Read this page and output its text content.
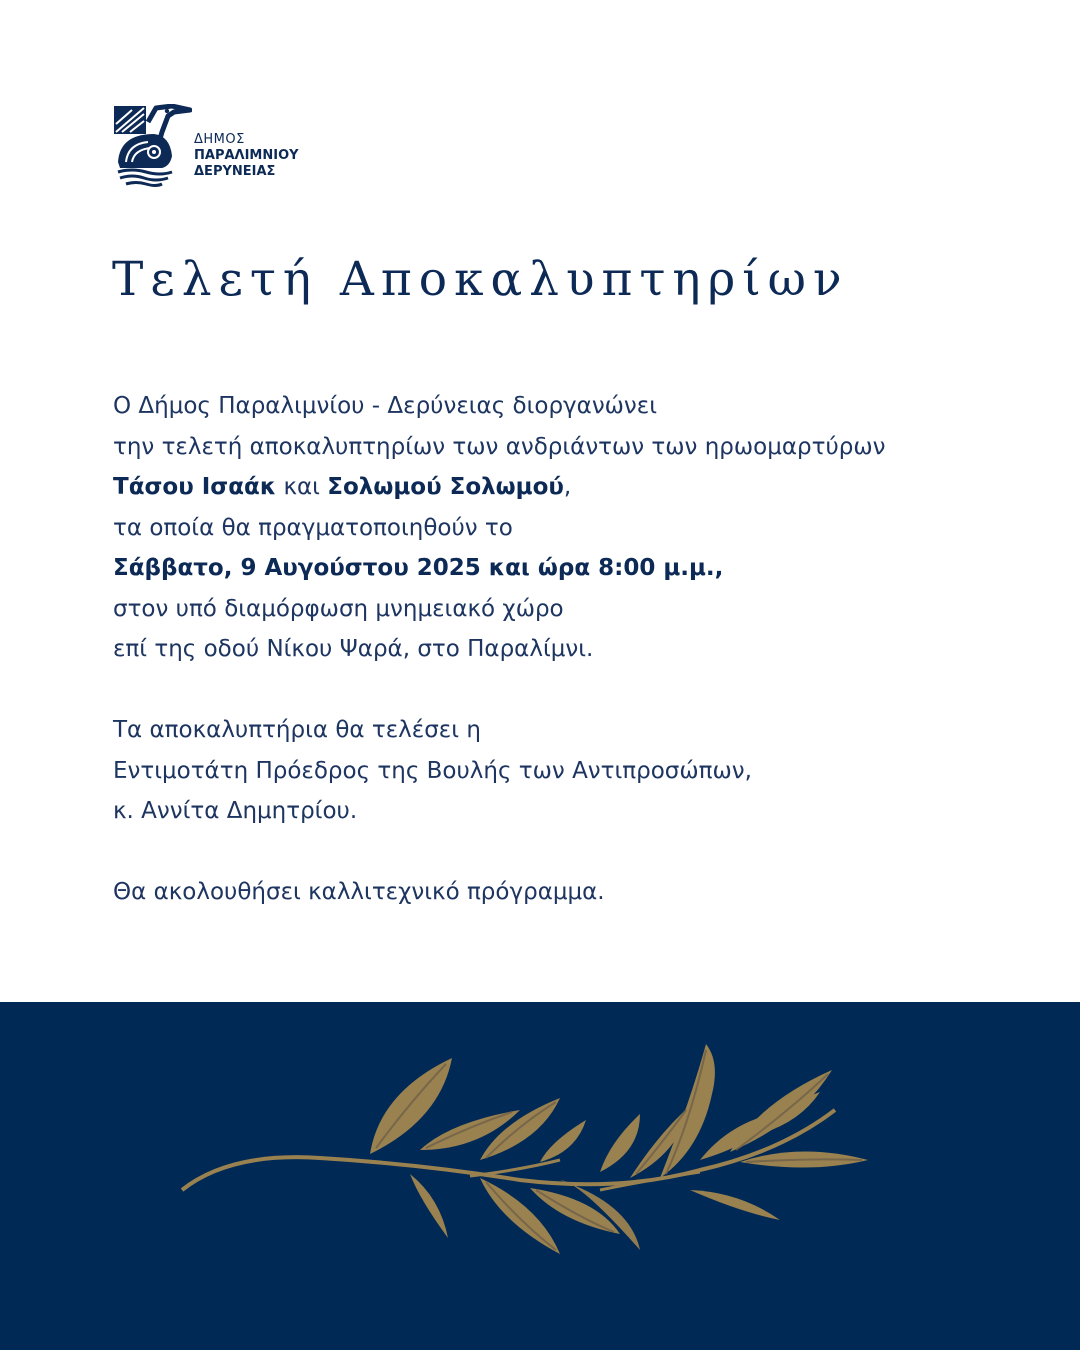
ΔΗΜΟΣ
ΠΑΡΑΛΙΜΝΙΟΥ
ΔΕΡΥΝΕΙΑΣ
Τελετή Αποκαλυπτηρίων

Ο Δήμος Παραλιμνίου - Δερύνειας διοργανώνει

την τελετή αποκαλυπτηρίων των ανδριάντων των ηρωομαρτύρων

Τάσου Ισαάκ και Σολωμού Σολωμού,

τα οποία θα πραγματοποιηθούν το

Σάββατο, 9 Αυγούστου 2025 και ώρα 8:00 μ.μ.,

στον υπό διαμόρφωση μνημειακό χώρο

επί της οδού Νίκου Ψαρά, στο Παραλίμνι.

Τα αποκαλυπτήρια θα τελέσει η

Εντιμοτάτη Πρόεδρος της Βουλής των Αντιπροσώπων,

κ. Αννίτα Δημητρίου.

Θα ακολουθήσει καλλιτεχνικό πρόγραμμα.
